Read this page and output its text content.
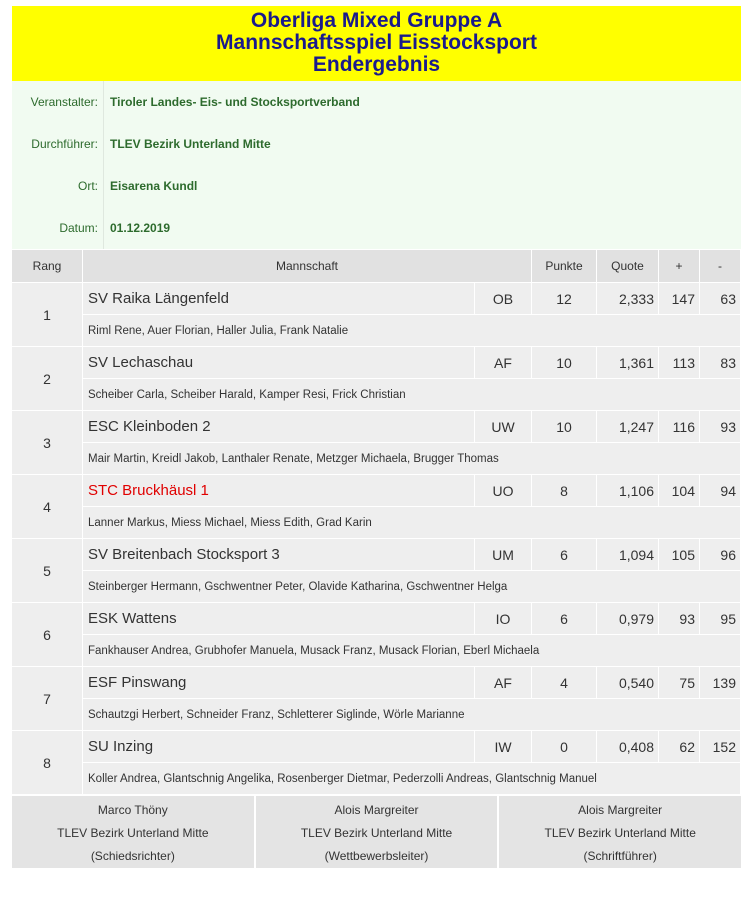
Oberliga Mixed Gruppe A
Mannschaftsspiel Eisstocksport
Endergebnis
Veranstalter:	Tiroler Landes- Eis- und Stocksportverband
Durchführer:	TLEV Bezirk Unterland Mitte
Ort:	Eisarena Kundl
Datum:	01.12.2019
Rang	Mannschaft		Punkte	Quote	+	-
1	SV Raika Längenfeld	OB	12	2,333	147	63
	Riml Rene, Auer Florian, Haller Julia, Frank Natalie					
2	SV Lechaschau	AF	10	1,361	113	83
	Scheiber Carla, Scheiber Harald, Kamper Resi, Frick Christian					
3	ESC Kleinboden 2	UW	10	1,247	116	93
	Mair Martin, Kreidl Jakob, Lanthaler Renate, Metzger Michaela, Brugger Thomas					
4	STC Bruckhäusl 1	UO	8	1,106	104	94
	Lanner Markus, Miess Michael, Miess Edith, Grad Karin					
5	SV Breitenbach Stocksport 3	UM	6	1,094	105	96
	Steinberger Hermann, Gschwentner Peter, Olavide Katharina, Gschwentner Helga					
6	ESK Wattens	IO	6	0,979	93	95
	Fankhauser Andrea, Grubhofer Manuela, Musack Franz, Musack Florian, Eberl Michaela					
7	ESF Pinswang	AF	4	0,540	75	139
	Schautzgi Herbert, Schneider Franz, Schletterer Siglinde, Wörle Marianne					
8	SU Inzing	IW	0	0,408	62	152
	Koller Andrea, Glantschnig Angelika, Rosenberger Dietmar, Pederzolli Andreas, Glantschnig Manuel					
Marco Thöny
TLEV Bezirk Unterland Mitte
(Schiedsrichter)
Alois Margreiter
TLEV Bezirk Unterland Mitte
(Wettbewerbsleiter)
Alois Margreiter
TLEV Bezirk Unterland Mitte
(Schriftführer)
